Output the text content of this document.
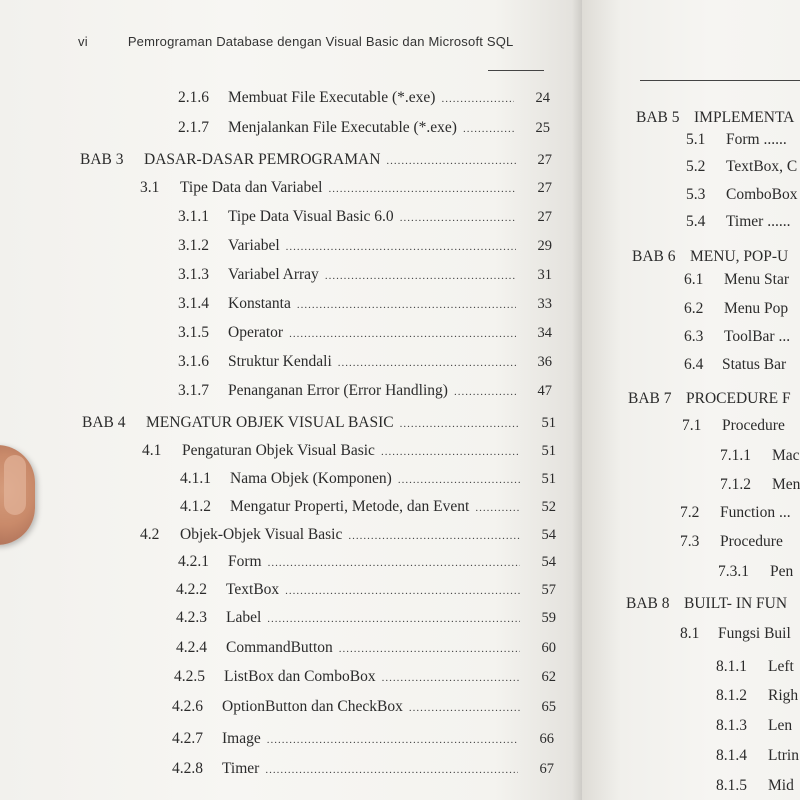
vi	Pemrograman Database dengan Visual Basic dan Microsoft SQL
2.1.6	Membuat File Executable (*.exe) .....	24
2.1.7	Menjalankan File Executable (*.exe) .....	25
BAB 3	DASAR-DASAR PEMROGRAMAN .....	27
3.1	Tipe Data dan Variabel .....	27
3.1.1	Tipe Data Visual Basic 6.0 .....	27
3.1.2	Variabel .....	29
3.1.3	Variabel Array .....	31
3.1.4	Konstanta .....	33
3.1.5	Operator .....	34
3.1.6	Struktur Kendali .....	36
3.1.7	Penanganan Error (Error Handling) .....	47
BAB 4	MENGATUR OBJEK VISUAL BASIC .....	51
4.1	Pengaturan Objek Visual Basic .....	51
4.1.1	Nama Objek (Komponen) .....	51
4.1.2	Mengatur Properti, Metode, dan Event .....	52
4.2	Objek-Objek Visual Basic .....	54
4.2.1	Form .....	54
4.2.2	TextBox .....	57
4.2.3	Label .....	59
4.2.4	CommandButton .....	60
4.2.5	ListBox dan ComboBox .....	62
4.2.6	OptionButton dan CheckBox .....	65
4.2.7	Image .....	66
4.2.8	Timer .....	67
BAB 5 IMPLEMENTA
5.1 Form ......
5.2 TextBox, C
5.3 ComboBox
5.4 Timer ......
BAB 6 MENU, POP-U
6.1 Menu Star
6.2 Menu Pop
6.3 ToolBar ...
6.4 Status Bar
BAB 7 PROCEDURE F
7.1 Procedure
7.1.1 Mac
7.1.2 Men
7.2 Function ...
7.3 Procedure
7.3.1 Pen
BAB 8 BUILT- IN FUN
8.1 Fungsi Buil
8.1.1 Left
8.1.2 Righ
8.1.3 Len
8.1.4 Ltrin
8.1.5 Mid
